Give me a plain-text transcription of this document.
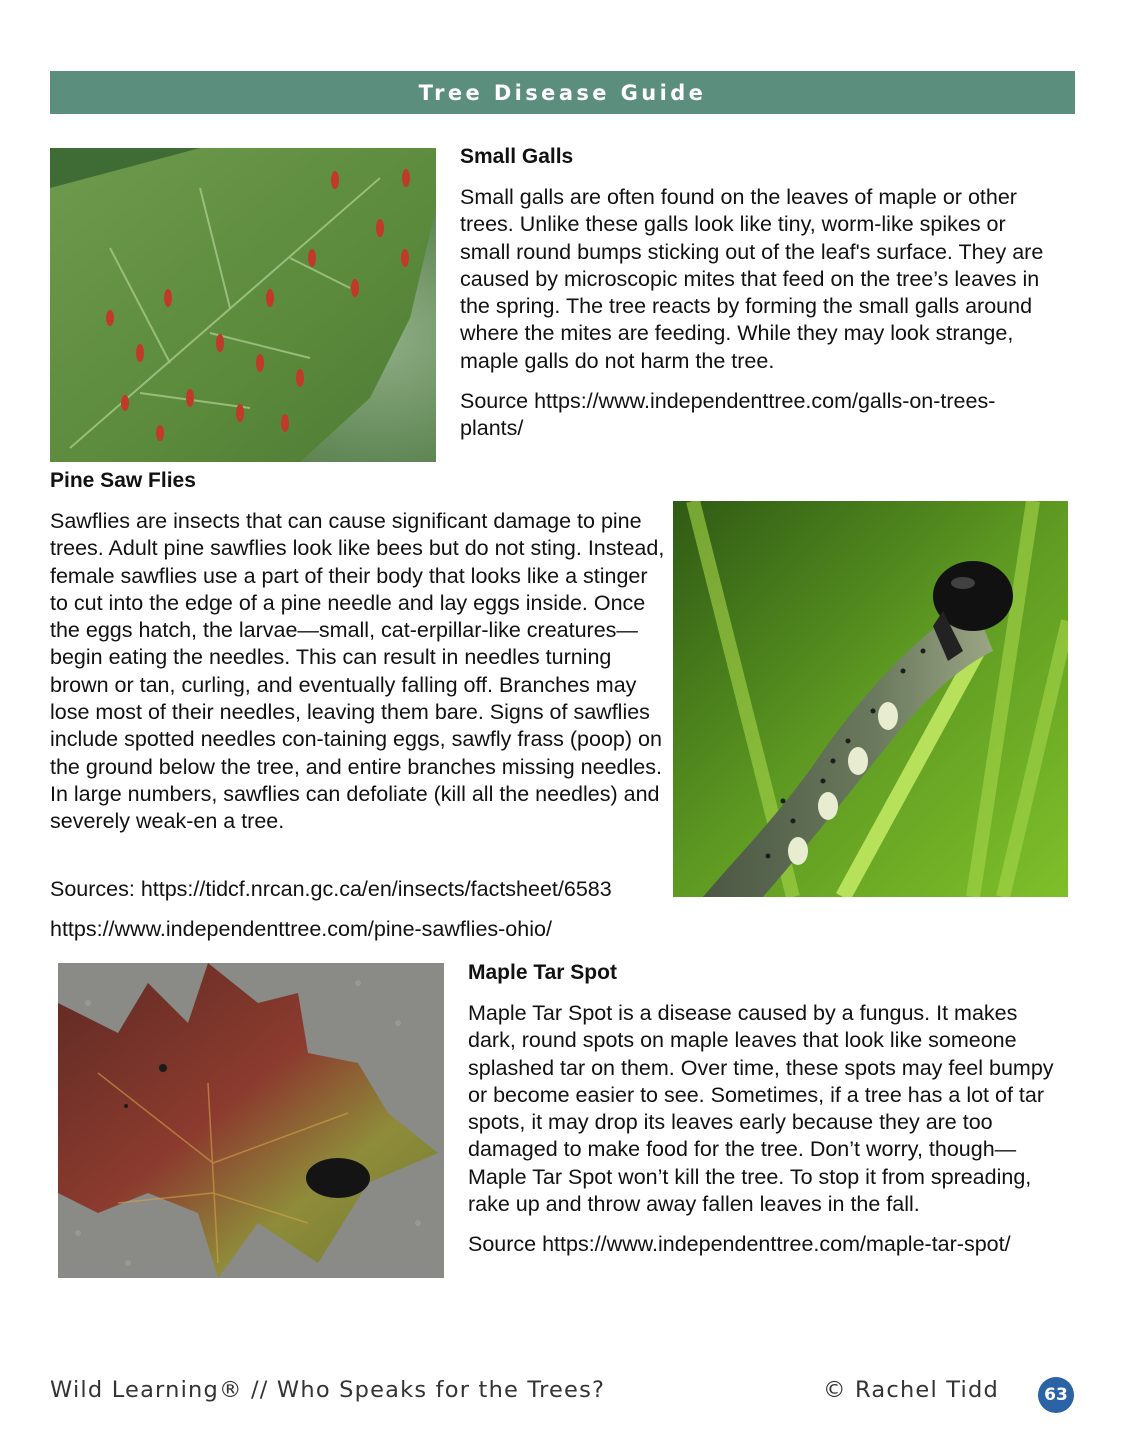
Tree Disease Guide
Small Galls

Small galls are often found on the leaves of maple or other trees. Unlike these galls look like tiny, worm-like spikes or small round bumps sticking out of the leaf's surface. They are caused by microscopic mites that feed on the tree’s leaves in the spring. The tree reacts by forming the small galls around where the mites are feeding. While they may look strange, maple galls do not harm the tree.

Source https://www.independenttree.com/galls-on-trees-plants/

Pine Saw Flies

Sawflies are insects that can cause significant damage to pine trees. Adult pine sawflies look like bees but do not sting. Instead, female sawflies use a part of their body that looks like a stinger to cut into the edge of a pine needle and lay eggs inside. Once the eggs hatch, the larvae—small, cat-erpillar-like creatures—begin eating the needles. This can result in needles turning brown or tan, curling, and eventually falling off. Branches may lose most of their needles, leaving them bare. Signs of sawflies include spotted needles con-taining eggs, sawfly frass (poop) on the ground below the tree, and entire branches missing needles. In large numbers, sawflies can defoliate (kill all the needles) and severely weak-en a tree.

Sources: https://tidcf.nrcan.gc.ca/en/insects/factsheet/6583

https://www.independenttree.com/pine-sawflies-ohio/

Maple Tar Spot

Maple Tar Spot is a disease caused by a fungus. It makes dark, round spots on maple leaves that look like someone splashed tar on them. Over time, these spots may feel bumpy or become easier to see. Sometimes, if a tree has a lot of tar spots, it may drop its leaves early because they are too damaged to make food for the tree. Don’t worry, though—Maple Tar Spot won’t kill the tree. To stop it from spreading, rake up and throw away fallen leaves in the fall.

Source https://www.independenttree.com/maple-tar-spot/

Wild Learning® // Who Speaks for the Trees?	© Rachel Tidd	63
